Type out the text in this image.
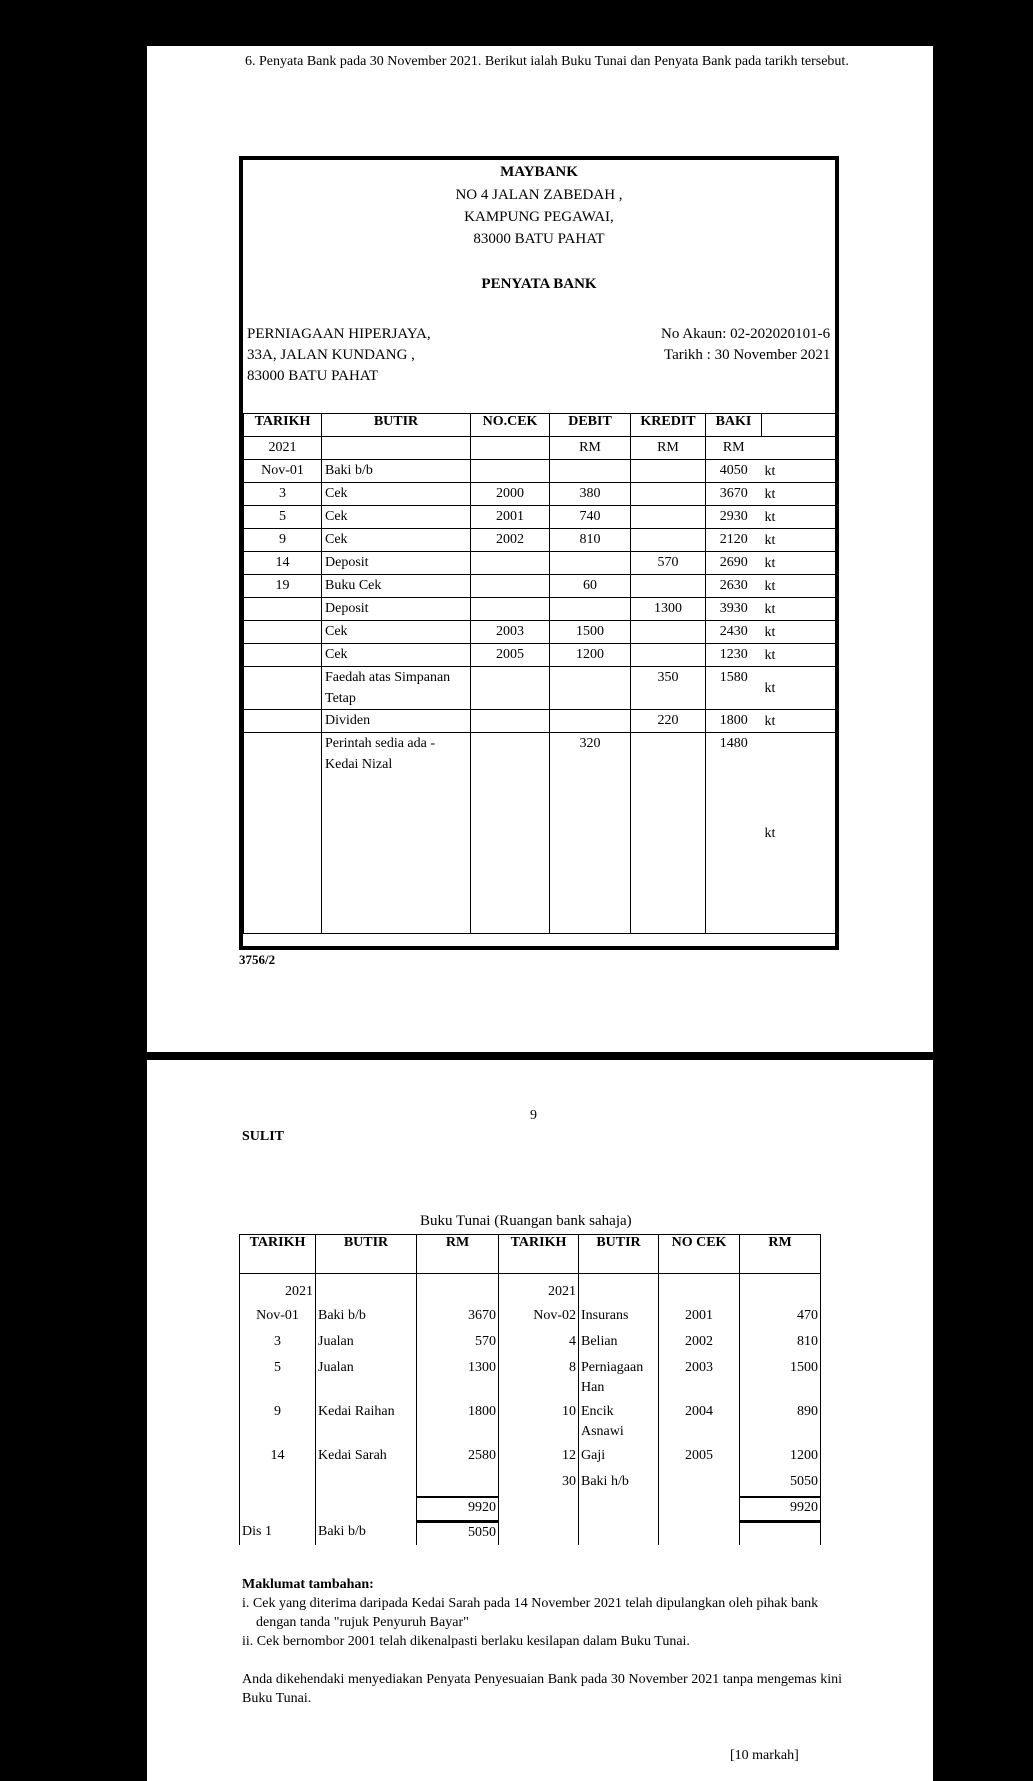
6. Penyata Bank pada 30 November 2021. Berikut ialah Buku Tunai dan Penyata Bank pada tarikh tersebut.
MAYBANK
NO 4 JALAN ZABEDAH ,
KAMPUNG PEGAWAI,
83000 BATU PAHAT
PENYATA BANK
PERNIAGAAN HIPERJAYA,
33A, JALAN KUNDANG ,
83000 BATU PAHAT
No Akaun: 02-202020101-6
Tarikh : 30 November 2021
TARIKH	BUTIR	NO.CEK	DEBIT	KREDIT	BAKI	
2021			RM	RM	RM	
Nov-01	Baki b/b				4050	kt
3	Cek	2000	380		3670	kt
5	Cek	2001	740		2930	kt
9	Cek	2002	810		2120	kt
14	Deposit			570	2690	kt
19	Buku Cek		60		2630	kt
	Deposit			1300	3930	kt
	Cek	2003	1500		2430	kt
	Cek	2005	1200		1230	kt
	Faedah atas Simpanan Tetap			350	1580	kt
	Dividen			220	1800	kt
	Perintah sedia ada - Kedai Nizal		320		1480	kt
3756/2
9
SULIT
Buku Tunai (Ruangan bank sahaja)
TARIKH	BUTIR	RM	TARIKH	BUTIR	NO CEK	RM
2021			2021			
Nov-01	Baki b/b	3670	Nov-02	Insurans	2001	470
3	Jualan	570	4	Belian	2002	810
5	Jualan	1300	8	Perniagaan Han	2003	1500
9	Kedai Raihan	1800	10	Encik Asnawi	2004	890
14	Kedai Sarah	2580	12	Gaji	2005	1200
			30	Baki h/b		5050
		9920				9920
Dis 1	Baki b/b	5050				

Maklumat tambahan:

i. Cek yang diterima daripada Kedai Sarah pada 14 November 2021 telah dipulangkan oleh pihak bank dengan tanda "rujuk Penyuruh Bayar"

ii. Cek bernombor 2001 telah dikenalpasti berlaku kesilapan dalam Buku Tunai.

Anda dikehendaki menyediakan Penyata Penyesuaian Bank pada 30 November 2021 tanpa mengemas kini Buku Tunai.

[10 markah]
